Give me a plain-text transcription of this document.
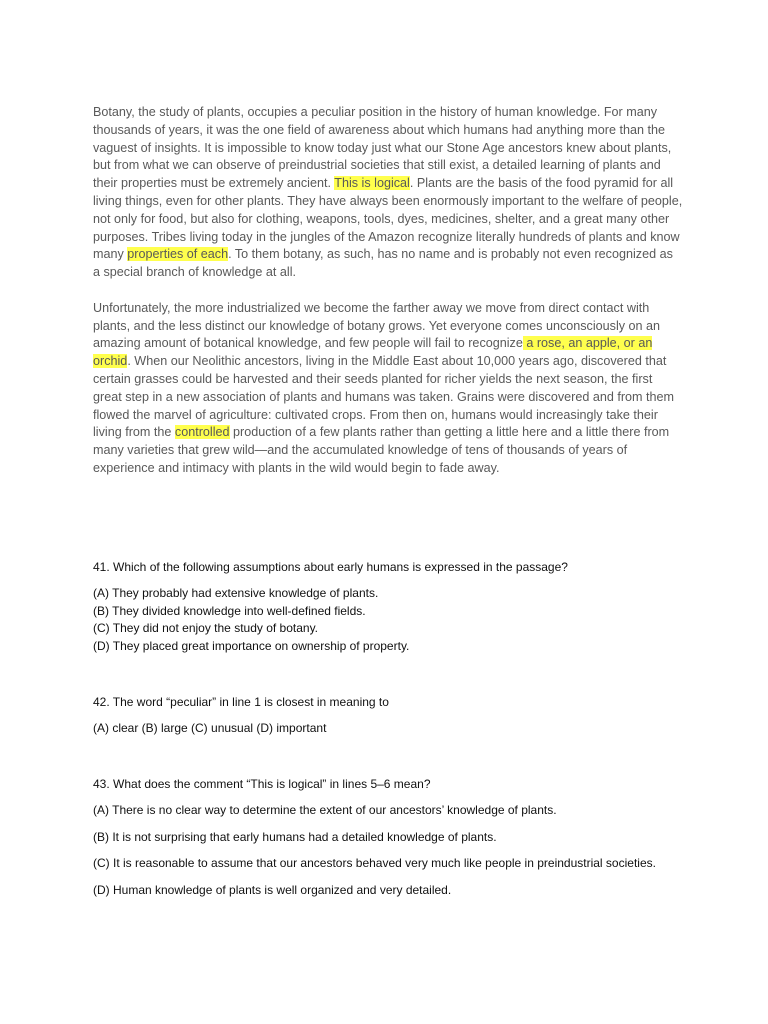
Botany, the study of plants, occupies a peculiar position in the history of human knowledge. For many thousands of years, it was the one field of awareness about which humans had anything more than the vaguest of insights. It is impossible to know today just what our Stone Age ancestors knew about plants, but from what we can observe of preindustrial societies that still exist, a detailed learning of plants and their properties must be extremely ancient. This is logical. Plants are the basis of the food pyramid for all living things, even for other plants. They have always been enormously important to the welfare of people, not only for food, but also for clothing, weapons, tools, dyes, medicines, shelter, and a great many other purposes. Tribes living today in the jungles of the Amazon recognize literally hundreds of plants and know many properties of each. To them botany, as such, has no name and is probably not even recognized as a special branch of knowledge at all.

Unfortunately, the more industrialized we become the farther away we move from direct contact with plants, and the less distinct our knowledge of botany grows. Yet everyone comes unconsciously on an amazing amount of botanical knowledge, and few people will fail to recognize a rose, an apple, or an orchid. When our Neolithic ancestors, living in the Middle East about 10,000 years ago, discovered that certain grasses could be harvested and their seeds planted for richer yields the next season, the first great step in a new association of plants and humans was taken. Grains were discovered and from them flowed the marvel of agriculture: cultivated crops. From then on, humans would increasingly take their living from the controlled production of a few plants rather than getting a little here and a little there from many varieties that grew wild—and the accumulated knowledge of tens of thousands of years of experience and intimacy with plants in the wild would begin to fade away.

41. Which of the following assumptions about early humans is expressed in the passage?

(A) They probably had extensive knowledge of plants.

(B) They divided knowledge into well-defined fields.

(C) They did not enjoy the study of botany.

(D) They placed great importance on ownership of property.

42. The word “peculiar” in line 1 is closest in meaning to

(A) clear (B) large (C) unusual (D) important

43. What does the comment “This is logical” in lines 5–6 mean?

(A) There is no clear way to determine the extent of our ancestors’ knowledge of plants.

(B) It is not surprising that early humans had a detailed knowledge of plants.

(C) It is reasonable to assume that our ancestors behaved very much like people in preindustrial societies.

(D) Human knowledge of plants is well organized and very detailed.
